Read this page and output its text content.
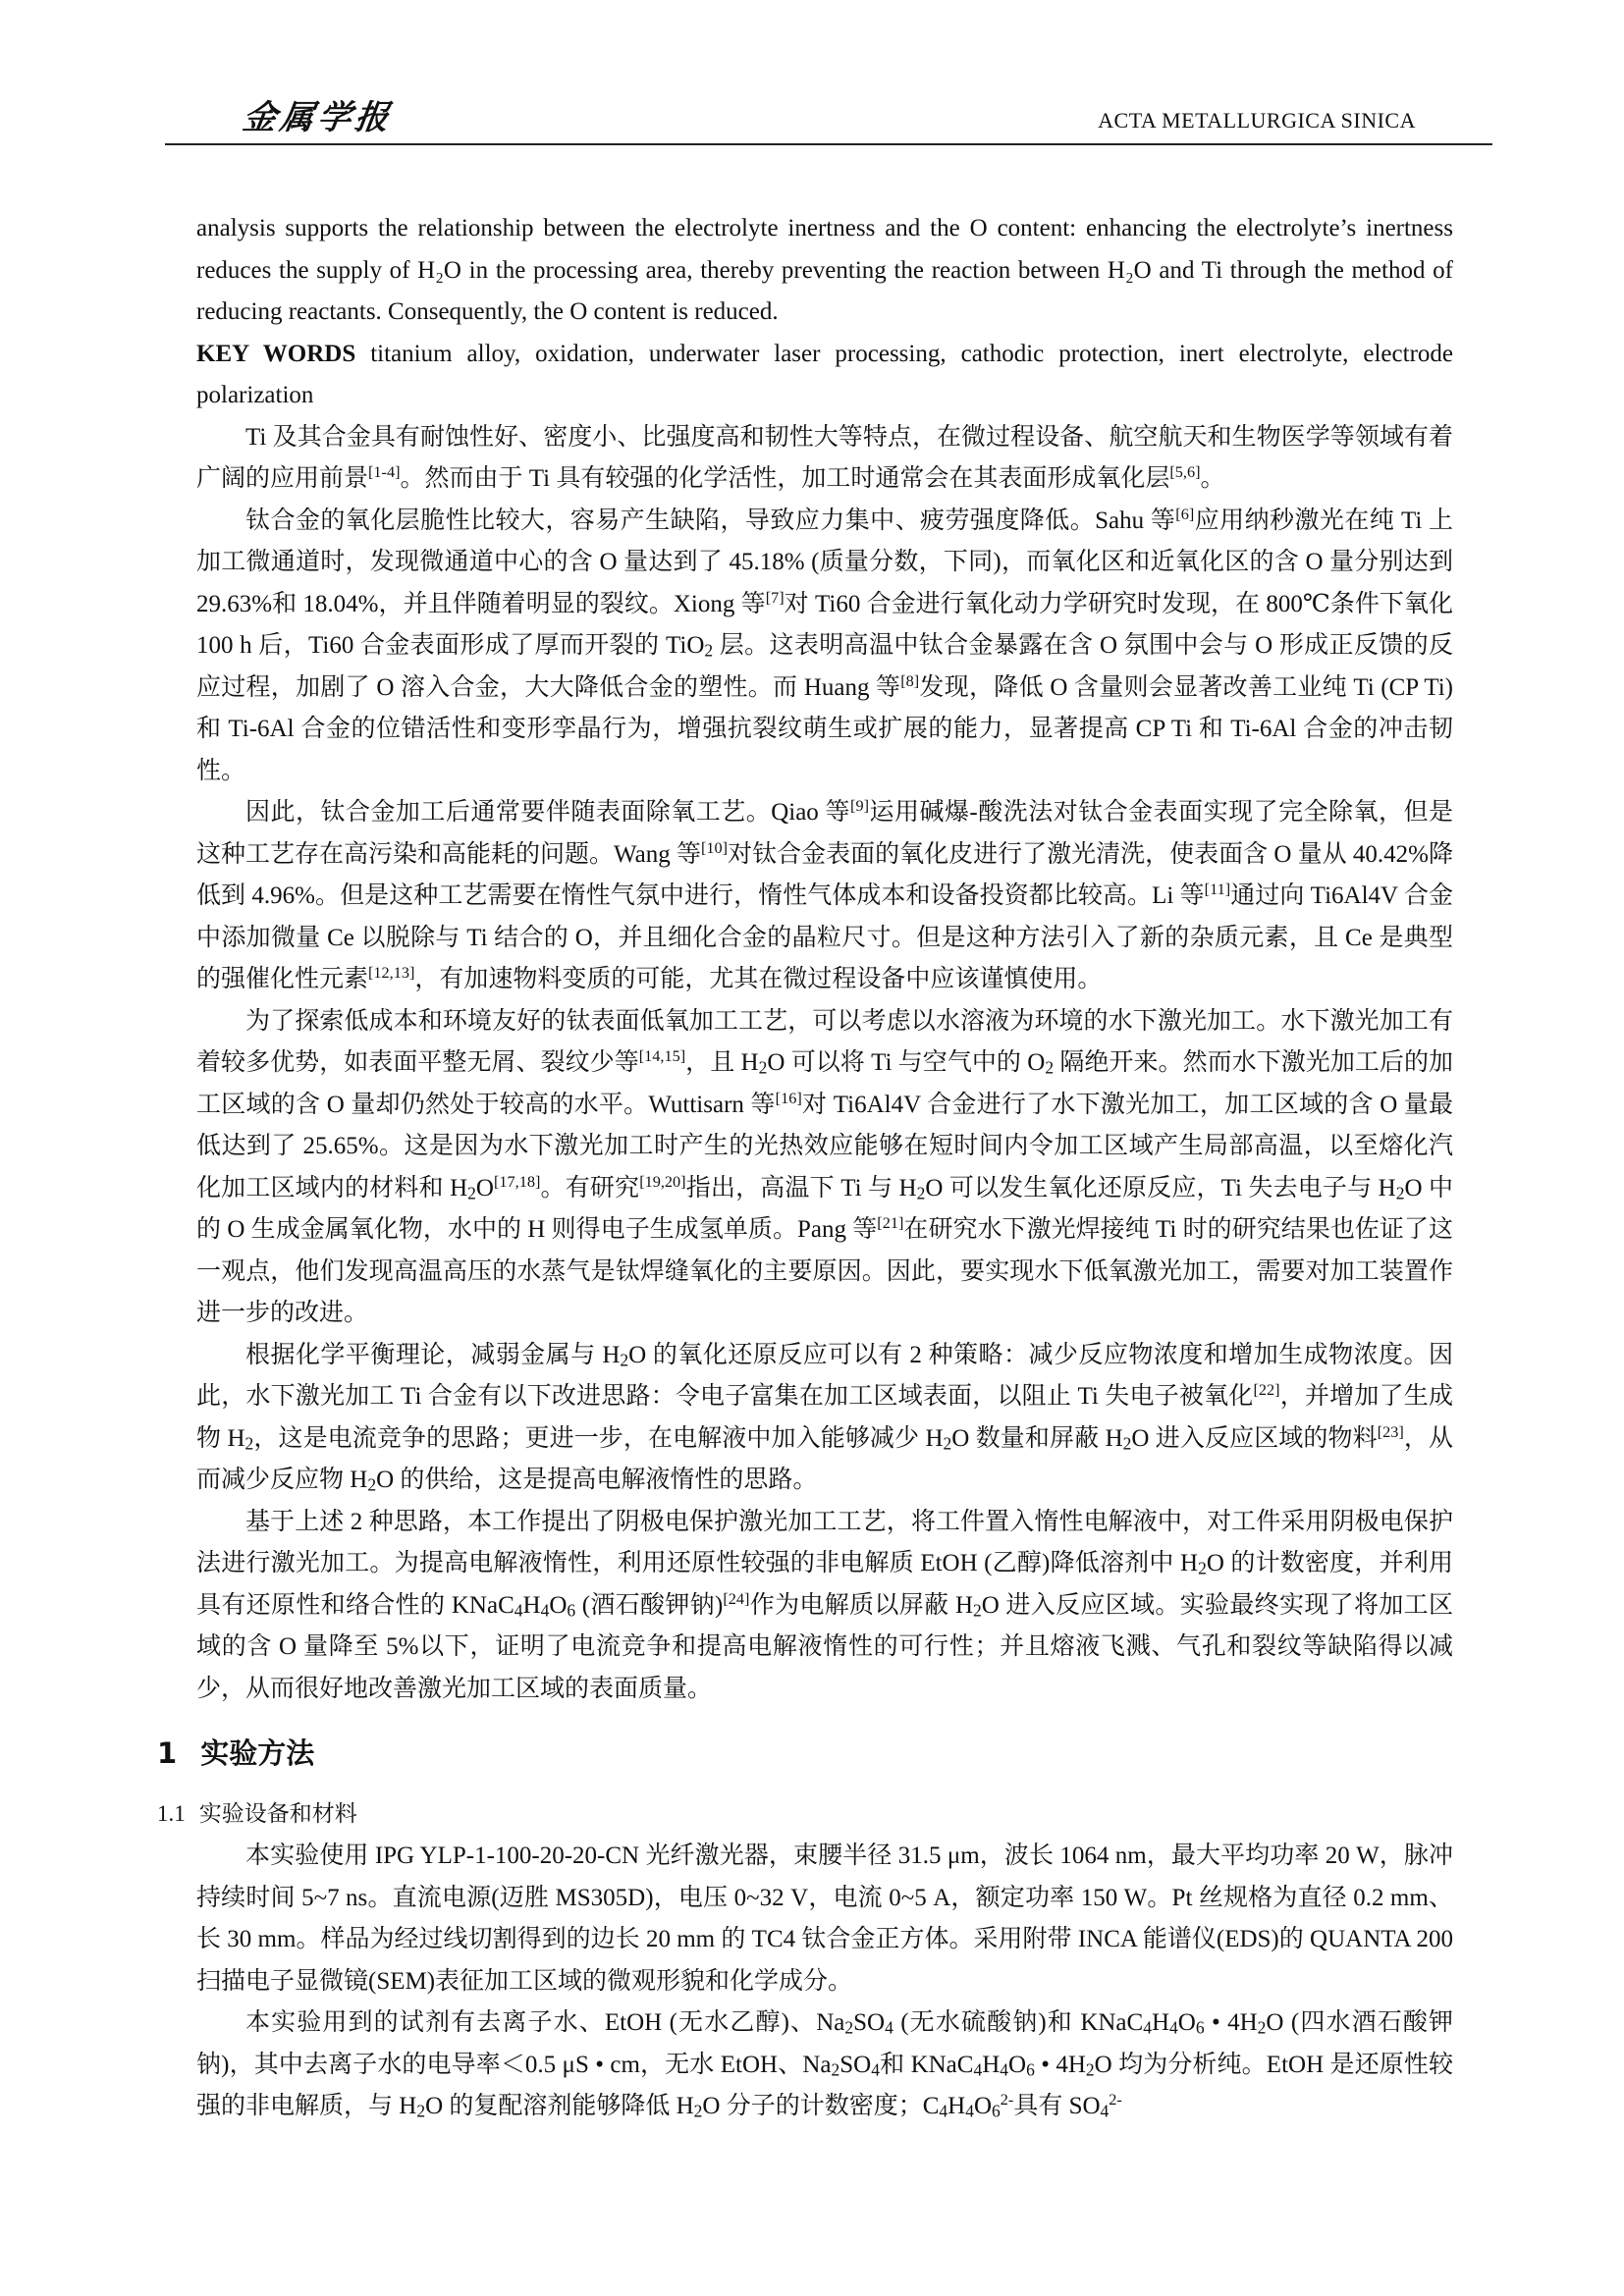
金属学报	ACTA METALLURGICA SINICA

analysis supports the relationship between the electrolyte inertness and the O content: enhancing the electrolyte’s inertness reduces the supply of H₂O in the processing area, thereby preventing the reaction between H₂O and Ti through the method of reducing reactants. Consequently, the O content is reduced.

KEY WORDS titanium alloy, oxidation, underwater laser processing, cathodic protection, inert electrolyte, electrode polarization

Ti 及其合金具有耐蚀性好、密度小、比强度高和韧性大等特点，在微过程设备、航空航天和生物医学等领域有着广阔的应用前景[1-4]。然而由于 Ti 具有较强的化学活性，加工时通常会在其表面形成氧化层[5,6]。

钛合金的氧化层脆性比较大，容易产生缺陷，导致应力集中、疲劳强度降低。Sahu 等[6]应用纳秒激光在纯 Ti 上加工微通道时，发现微通道中心的含 O 量达到了 45.18% (质量分数，下同)，而氧化区和近氧化区的含 O 量分别达到 29.63%和 18.04%，并且伴随着明显的裂纹。Xiong 等[7]对 Ti60 合金进行氧化动力学研究时发现，在 800℃条件下氧化 100 h 后，Ti60 合金表面形成了厚而开裂的 TiO$_2$ 层。这表明高温中钛合金暴露在含 O 氛围中会与 O 形成正反馈的反应过程，加剧了 O 溶入合金，大大降低合金的塑性。而 Huang 等[8]发现，降低 O 含量则会显著改善工业纯 Ti (CP Ti)和 Ti-6Al 合金的位错活性和变形孪晶行为，增强抗裂纹萌生或扩展的能力，显著提高 CP Ti 和 Ti-6Al 合金的冲击韧性。

因此，钛合金加工后通常要伴随表面除氧工艺。Qiao 等[9]运用碱爆-酸洗法对钛合金表面实现了完全除氧，但是这种工艺存在高污染和高能耗的问题。Wang 等[10]对钛合金表面的氧化皮进行了激光清洗，使表面含 O 量从 40.42%降低到 4.96%。但是这种工艺需要在惰性气氛中进行，惰性气体成本和设备投资都比较高。Li 等[11]通过向 Ti6Al4V 合金中添加微量 Ce 以脱除与 Ti 结合的 O，并且细化合金的晶粒尺寸。但是这种方法引入了新的杂质元素，且 Ce 是典型的强催化性元素[12,13]，有加速物料变质的可能，尤其在微过程设备中应该谨慎使用。

为了探索低成本和环境友好的钛表面低氧加工工艺，可以考虑以水溶液为环境的水下激光加工。水下激光加工有着较多优势，如表面平整无屑、裂纹少等[14,15]，且 $H_2O$ 可以将 Ti 与空气中的 $O_2$ 隔绝开来。然而水下激光加工后的加工区域的含 O 量却仍然处于较高的水平。Wuttisarn 等[16]对 Ti6Al4V 合金进行了水下激光加工，加工区域的含 O 量最低达到了 25.65%。这是因为水下激光加工时产生的光热效应能够在短时间内令加工区域产生局部高温，以至熔化汽化加工区域内的材料和 $H_2O[17,18]$。有研究[19,20]指出，高温下 Ti 与 $H_2O$ 可以发生氧化还原反应，Ti 失去电子与 $H_2O$ 中的 O 生成金属氧化物，水中的 H 则得电子生成氢单质。Pang 等[21]在研究水下激光焊接纯 Ti 时的研究结果也佐证了这一观点，他们发现高温高压的水蒸气是钛焊缝氧化的主要原因。因此，要实现水下低氧激光加工，需要对加工装置作进一步的改进。

根据化学平衡理论，减弱金属与 $H_2O$ 的氧化还原反应可以有 2 种策略：减少反应物浓度和增加生成物浓度。因此，水下激光加工 Ti 合金有以下改进思路：令电子富集在加工区域表面，以阻止 Ti 失电子被氧化[22]，并增加了生成物 $H_2$，这是电流竞争的思路；更进一步，在电解液中加入能够减少 $H_2O$ 数量和屏蔽 $H_2O$ 进入反应区域的物料[23]，从而减少反应物 $H_2O$ 的供给，这是提高电解液惰性的思路。

基于上述 2 种思路，本工作提出了阴极电保护激光加工工艺，将工件置入惰性电解液中，对工件采用阴极电保护法进行激光加工。为提高电解液惰性，利用还原性较强的非电解质 EtOH (乙醇)降低溶剂中 $H_2O$ 的计数密度，并利用具有还原性和络合性的 $KNaC_4H_4O_6$ (酒石酸钾钠)[24]作为电解质以屏蔽 $H_2O$ 进入反应区域。实验最终实现了将加工区域的含 O 量降至 5%以下，证明了电流竞争和提高电解液惰性的可行性；并且熔液飞溅、气孔和裂纹等缺陷得以减少，从而很好地改善激光加工区域的表面质量。

1 实验方法
1.1 实验设备和材料

本实验使用 IPG YLP-1-100-20-20-CN 光纤激光器，束腰半径 31.5 μm，波长 1064 nm，最大平均功率 20 W，脉冲持续时间 5~7 ns。直流电源(迈胜 MS305D)，电压 0~32 V，电流 0~5 A，额定功率 150 W。Pt 丝规格为直径 0.2 mm、长 30 mm。样品为经过线切割得到的边长 20 mm 的 TC4 钛合金正方体。采用附带 INCA 能谱仪(EDS)的 QUANTA 200 扫描电子显微镜(SEM)表征加工区域的微观形貌和化学成分。

本实验用到的试剂有去离子水、EtOH (无水乙醇)、$Na_2SO_4$ (无水硫酸钠)和 $KNaC_4H_4O_6$ • $4H_2O$ (四水酒石酸钾钠)，其中去离子水的电导率＜0.5 μS • cm，无水 EtOH、$Na_2SO_4$和 $KNaC_4H_4O_6$ • $4H_2O$ 均为分析纯。EtOH 是还原性较强的非电解质，与 $H_2O$ 的复配溶剂能够降低 $H_2O$ 分子的计数密度；$C_4H_4O_6^{2-}$具有 $SO_4^{2-}$
